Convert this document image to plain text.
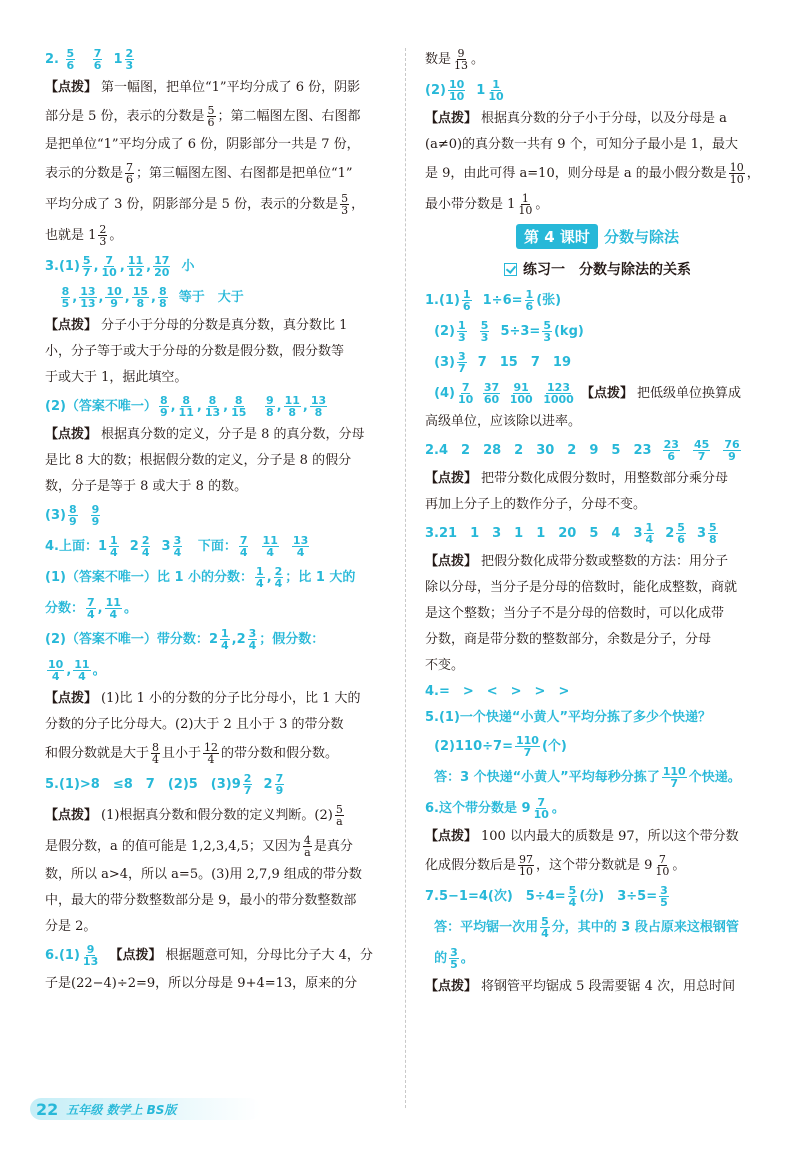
2. $\frac{5}{6}$
$\frac{7}{6} 1 \frac{2}{3}$
【点拨】 第一幅图，把单位“1”平均分成了 6 份，阴影
部分是 5 份，表示的分数是 $\frac{5}{6}$ ；第二幅图左图、右图都
是把单位“1”平均分成了 6 份，阴影部分一共是 7 份，
表示的分数是 $\frac{7}{6}$ ；第三幅图左图、右图都是把单位“1”
平均分成了 3 份，阴影部分是 5 份，表示的分数是 $\frac{5}{3}$ ，
也就是 $1 \frac{2}{3}$ 。
$3.(1) \frac{5}{7}$ , $\frac{7}{10}$ , $\frac{11}{12}$ , $\frac{17}{20}$ 小

$\frac{8}{5}$ , $\frac{13}{13}$ , $\frac{10}{9}$ , $\frac{15}{8}$ , $\frac{8}{8}$ 等于　大于
【点拨】 分子小于分母的分数是真分数，真分数比 1
小，分子等于或大于分母的分数是假分数，假分数等
于或大于 1，据此填空。
(2)（答案不唯一） $\frac{8}{9}$ , $\frac{8}{11}$ , $\frac{8}{13}$ , $\frac{8}{15}$
$\frac{9}{8}$ , $\frac{11}{8}$ , $\frac{13}{8}$
【点拨】 根据真分数的定义，分子是 8 的真分数，分母
是比 8 大的数；根据假分数的定义，分子是 8 的假分
数，分子是等于 8 或大于 8 的数。
$(3) \frac{8}{9}$
$\frac{9}{9}$
4.上面：$1 \frac{1}{4} 2 \frac{2}{4} 3 \frac{3}{4}$ 下面： $\frac{7}{4}$
$\frac{11}{4}$
$\frac{13}{4}$
(1)（答案不唯一）比 1 小的分数： $\frac{1}{4}$ , $\frac{2}{4}$ ；比 1 大的
分数： $\frac{7}{4}$ , $\frac{11}{4}$ 。
(2)（答案不唯一）带分数：$2 \frac{1}{4} ,2 \frac{3}{4}$ ；假分数：
$\frac{10}{4}$ , $\frac{11}{4}$ 。
【点拨】 (1)比 1 小的分数的分子比分母小，比 1 大的
分数的分子比分母大。(2)大于 2 且小于 3 的带分数
和假分数就是大于 $\frac{8}{4}$ 且小于 $\frac{12}{4}$ 的带分数和假分数。
5.(1)>8　≤8　7　(2)5　$(3)9 \frac{2}{7} 2 \frac{7}{9}$
【点拨】 (1)根据真分数和假分数的定义判断。$(2) \frac{5}{a}$
是假分数，a 的值可能是 1,2,3,4,5；又因为 $\frac{4}{a}$ 是真分
数，所以 a>4，所以 a=5。(3)用 2,7,9 组成的带分数
中，最大的带分数整数部分是 9，最小的带分数整数部
分是 2。
$6.(1) \frac{9}{13}$ 【点拨】 根据题意可知，分母比分子大 4，分
子是(22−4)÷2=9，所以分母是 9+4=13，原来的分
数是 $\frac{9}{13}$ 。
$(2) \frac{10}{10} 1 \frac{1}{10}$
【点拨】 根据真分数的分子小于分母，以及分母是 a
(a≠0)的真分数一共有 9 个，可知分子最小是 1，最大
是 9，由此可得 a=10，则分母是 a 的最小假分数是 $\frac{10}{10}$ ，
最小带分数是 $1 \frac{1}{10}$ 。
第 4 课时 分数与除法
练习一　分数与除法的关系
$1.(1) \frac{1}{6} 1\div 6= \frac{1}{6}$ (张)
$(2) \frac{1}{3}$
$\frac{5}{3} 5\div 3= \frac{5}{3} (kg)$
$(3) \frac{3}{7} 7$　15　7　19
$(4) \frac{7}{10}$
$\frac{37}{60}$
$\frac{91}{100}$
$\frac{123}{1000}$ 【点拨】 把低级单位换算成
高级单位，应该除以进率。
2.4　2　28　2　30　2　9　5　$23 \frac{23}{6}$
$\frac{45}{7}$
$\frac{76}{9}$
【点拨】 把带分数化成假分数时，用整数部分乘分母
再加上分子上的数作分子，分母不变。
3.21　1　3　1　1　20　5　4　$3 \frac{1}{4} 2 \frac{5}{6} 3 \frac{5}{8}$
【点拨】 把假分数化成带分数或整数的方法：用分子
除以分母，当分子是分母的倍数时，能化成整数，商就
是这个整数；当分子不是分母的倍数时，可以化成带
分数，商是带分数的整数部分，余数是分子，分母
不变。
4.=　>　<　>　>　>
5.(1)一个快递“小黄人”平均分拣了多少个快递？
$(2)110\div 7= \frac{110}{7}$ (个)
答：3 个快递“小黄人”平均每秒分拣了 $\frac{110}{7}$ 个快递。
6.这个带分数是 $9 \frac{7}{10}$ 。
【点拨】 100 以内最大的质数是 97，所以这个带分数
化成假分数后是 $\frac{97}{10}$ ，这个带分数就是 $9 \frac{7}{10}$ 。
7.5−1=4(次)　$5\div 4= \frac{5}{4}$ (分)　$3\div 5= \frac{3}{5}$
答：平均锯一次用 $\frac{5}{4}$ 分，其中的 3 段占原来这根钢管
的 $\frac{3}{5}$ 。
【点拨】 将钢管平均锯成 5 段需要锯 4 次，用总时间
22 五年级 数学上 BS版
